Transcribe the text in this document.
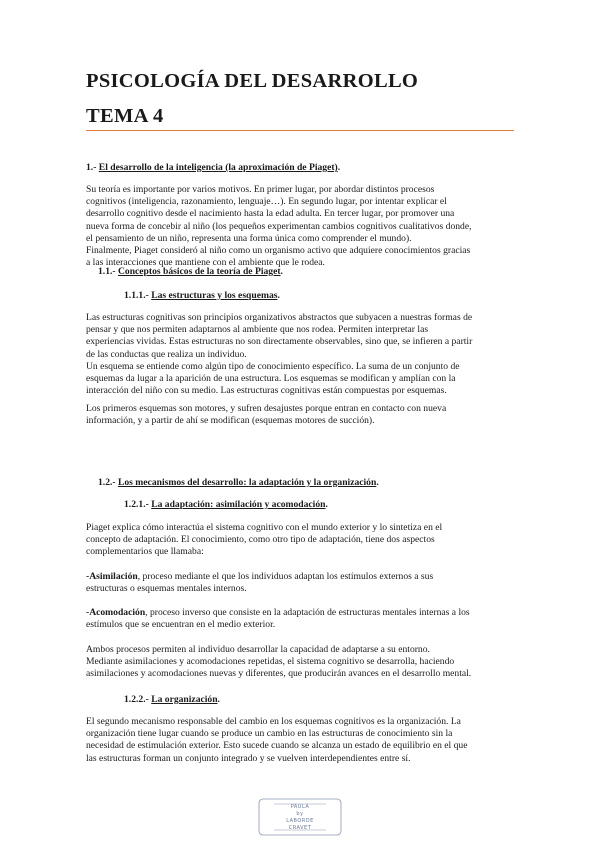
PSICOLOGÍA DEL DESARROLLO
TEMA 4
1.- El desarrollo de la inteligencia (la aproximación de Piaget).
Su teoría es importante por varios motivos. En primer lugar, por abordar distintos procesos
cognitivos (inteligencia, razonamiento, lenguaje…). En segundo lugar, por intentar explicar el
desarrollo cognitivo desde el nacimiento hasta la edad adulta. En tercer lugar, por promover una
nueva forma de concebir al niño (los pequeños experimentan cambios cognitivos cualitativos donde,
el pensamiento de un niño, representa una forma única como comprender el mundo).
Finalmente, Piaget consideró al niño como un organismo activo que adquiere conocimientos gracias
a las interacciones que mantiene con el ambiente que le rodea.
1.1.- Conceptos básicos de la teoría de Piaget.
1.1.1.- Las estructuras y los esquemas.
Las estructuras cognitivas son principios organizativos abstractos que subyacen a nuestras formas de
pensar y que nos permiten adaptarnos al ambiente que nos rodea. Permiten interpretar las
experiencias vividas. Estas estructuras no son directamente observables, sino que, se infieren a partir
de las conductas que realiza un individuo.
Un esquema se entiende como algún tipo de conocimiento específico. La suma de un conjunto de
esquemas da lugar a la aparición de una estructura. Los esquemas se modifican y amplían con la
interacción del niño con su medio. Las estructuras cognitivas están compuestas por esquemas.
Los primeros esquemas son motores, y sufren desajustes porque entran en contacto con nueva
información, y a partir de ahí se modifican (esquemas motores de succión).
1.2.- Los mecanismos del desarrollo: la adaptación y la organización.
1.2.1.- La adaptación: asimilación y acomodación.
Piaget explica cómo interactúa el sistema cognitivo con el mundo exterior y lo sintetiza en el
concepto de adaptación. El conocimiento, como otro tipo de adaptación, tiene dos aspectos
complementarios que llamaba:
-Asimilación, proceso mediante el que los individuos adaptan los estímulos externos a sus
estructuras o esquemas mentales internos.
-Acomodación, proceso inverso que consiste en la adaptación de estructuras mentales internas a los
estímulos que se encuentran en el medio exterior.
Ambos procesos permiten al individuo desarrollar la capacidad de adaptarse a su entorno.
Mediante asimilaciones y acomodaciones repetidas, el sistema cognitivo se desarrolla, haciendo
asimilaciones y acomodaciones nuevas y diferentes, que producirán avances en el desarrollo mental.
1.2.2.- La organización.
El segundo mecanismo responsable del cambio en los esquemas cognitivos es la organización. La
organización tiene lugar cuando se produce un cambio en las estructuras de conocimiento sin la
necesidad de estimulación exterior. Esto sucede cuando se alcanza un estado de equilibrio en el que
las estructuras forman un conjunto integrado y se vuelven interdependientes entre sí.
PAULA
by
LABORDE
CRAVET
